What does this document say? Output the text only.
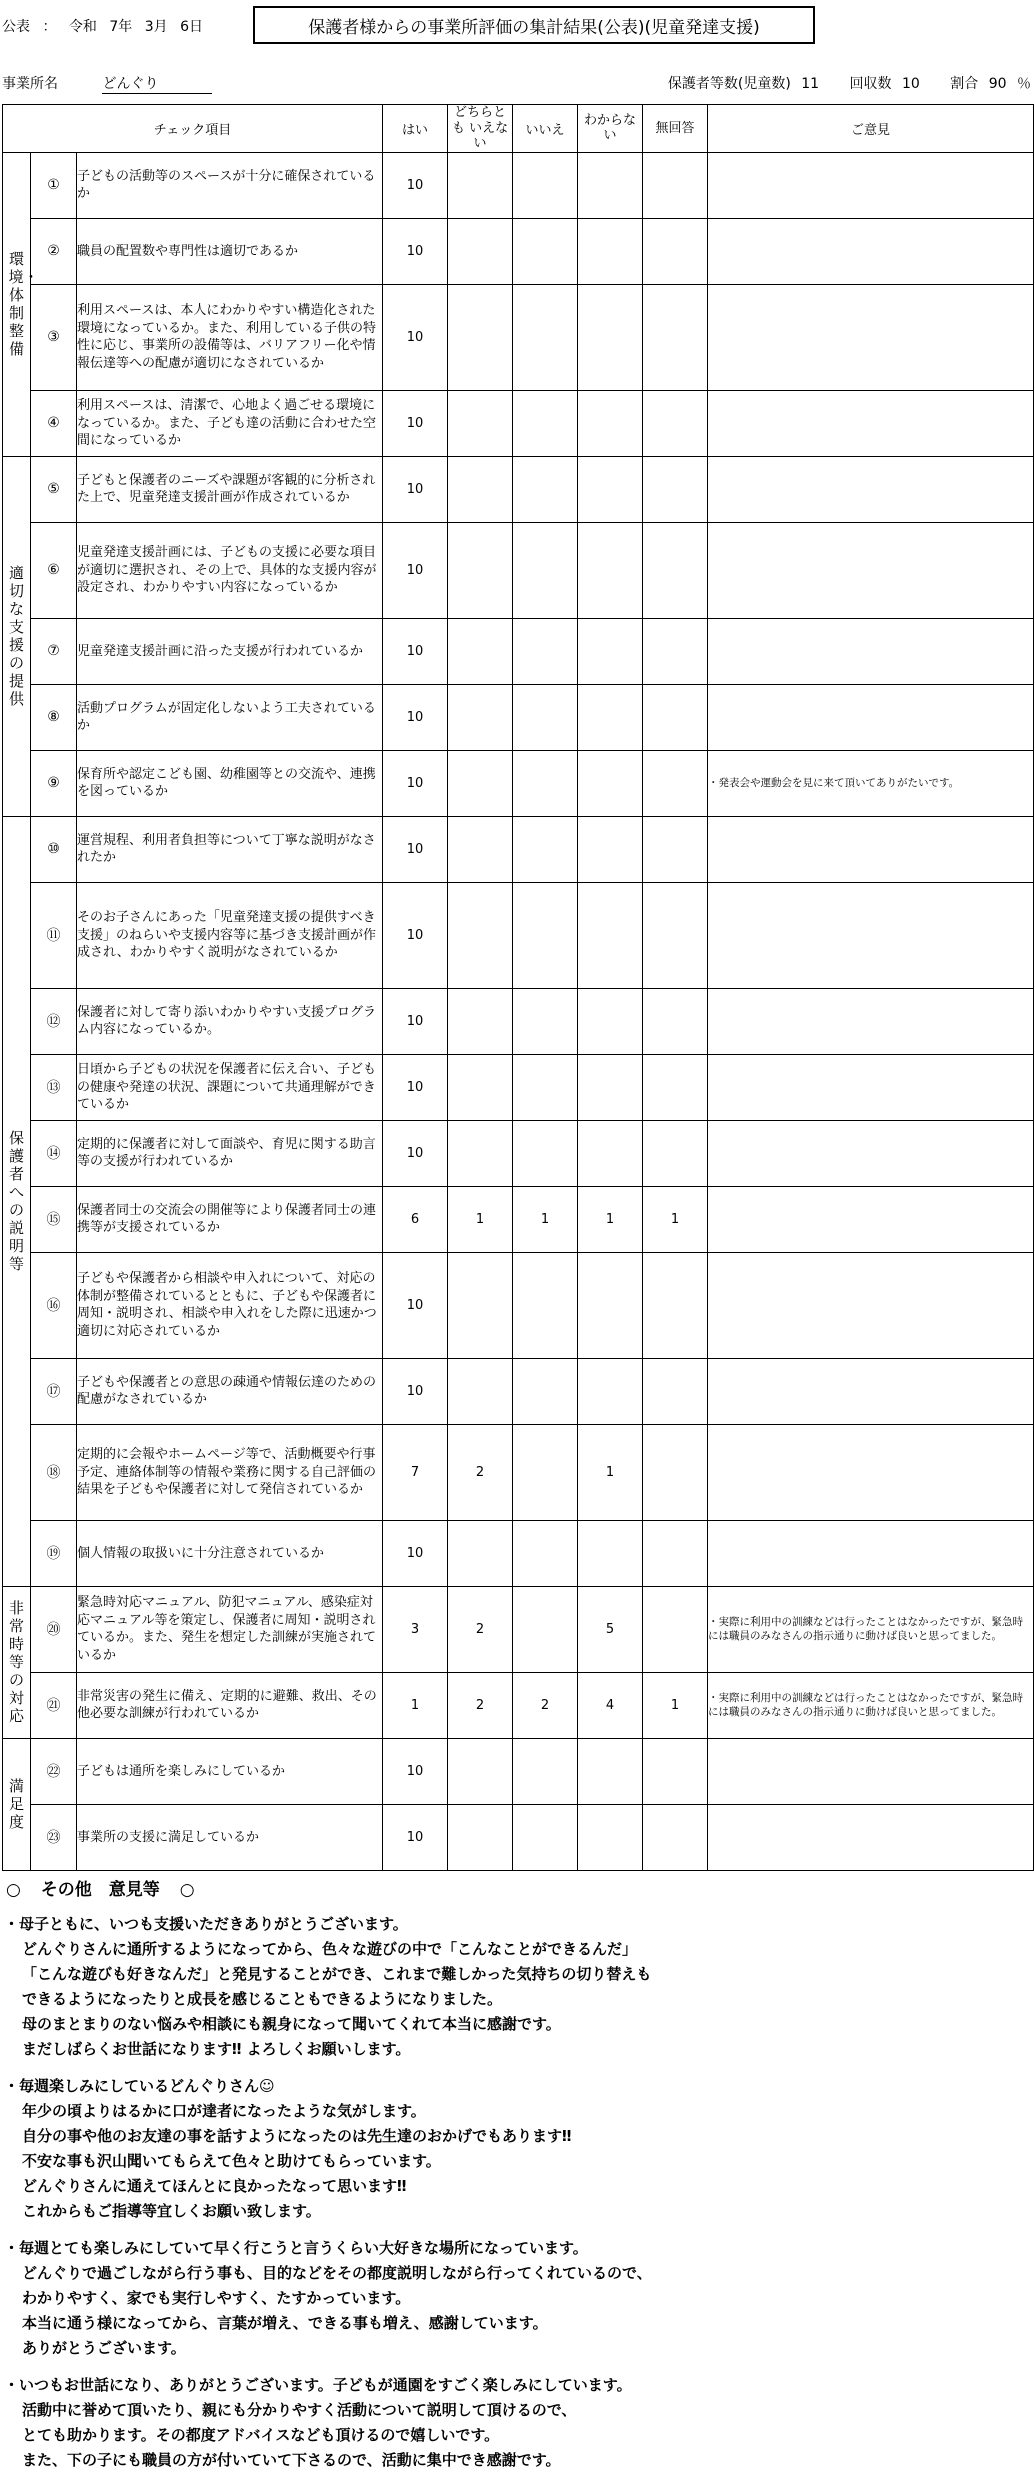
公表 ： 令和 7年 3月 6日	保護者様からの事業所評価の集計結果(公表)(児童発達支援)
事業所名	どんぐり	保護者等数(児童数) 11 回収数 10 割合 90 ％
チェック項目			はい	どちらとも いえない	いいえ	わからない	無回答	ご意見

環境・体制整備	①	子どもの活動等のスペースが十分に確保されているか	10					
	②	職員の配置数や専門性は適切であるか	10					
	③	利用スペースは、本人にわかりやすい構造化された環境になっているか。また、利用している子供の特性に応じ、事業所の設備等は、バリアフリー化や情報伝達等への配慮が適切になされているか	10					
	④	利用スペースは、清潔で、心地よく過ごせる環境になっているか。また、子ども達の活動に合わせた空間になっているか	10					

適切な支援の提供	⑤	子どもと保護者のニーズや課題が客観的に分析された上で、児童発達支援計画が作成されているか	10					
	⑥	児童発達支援計画には、子どもの支援に必要な項目が適切に選択され、その上で、具体的な支援内容が設定され、わかりやすい内容になっているか	10					
	⑦	児童発達支援計画に沿った支援が行われているか	10					
	⑧	活動プログラムが固定化しないよう工夫されているか	10					
	⑨	保育所や認定こども園、幼稚園等との交流や、連携を図っているか	10					・発表会や運動会を見に来て頂いてありがたいです。

保護者への説明等	⑩	運営規程、利用者負担等について丁寧な説明がなされたか	10					
	⑪	そのお子さんにあった「児童発達支援の提供すべき支援」のねらいや支援内容等に基づき支援計画が作成され、わかりやすく説明がなされているか	10					
	⑫	保護者に対して寄り添いわかりやすい支援プログラム内容になっているか。	10					
	⑬	日頃から子どもの状況を保護者に伝え合い、子どもの健康や発達の状況、課題について共通理解ができているか	10					
	⑭	定期的に保護者に対して面談や、育児に関する助言等の支援が行われているか	10					
	⑮	保護者同士の交流会の開催等により保護者同士の連携等が支援されているか	6	1	1	1	1	
	⑯	子どもや保護者から相談や申入れについて、対応の体制が整備されているとともに、子どもや保護者に周知・説明され、相談や申入れをした際に迅速かつ適切に対応されているか	10					
	⑰	子どもや保護者との意思の疎通や情報伝達のための配慮がなされているか	10					
	⑱	定期的に会報やホームページ等で、活動概要や行事予定、連絡体制等の情報や業務に関する自己評価の結果を子どもや保護者に対して発信されているか	7	2		1		
	⑲	個人情報の取扱いに十分注意されているか	10					

非常時等の対応	⑳	緊急時対応マニュアル、防犯マニュアル、感染症対応マニュアル等を策定し、保護者に周知・説明されているか。また、発生を想定した訓練が実施されているか	3	2		5		・実際に利用中の訓練などは行ったことはなかったですが、緊急時には職員のみなさんの指示通りに動けば良いと思ってました。
	㉑	非常災害の発生に備え、定期的に避難、救出、その他必要な訓練が行われているか	1	2	2	4	1	・実際に利用中の訓練などは行ったことはなかったですが、緊急時には職員のみなさんの指示通りに動けば良いと思ってました。

満足度	㉒	子どもは通所を楽しみにしているか	10					
	㉓	事業所の支援に満足しているか	10					
○ その他　意見等 ○
・母子ともに、いつも支援いただきありがとうございます。
どんぐりさんに通所するようになってから、色々な遊びの中で「こんなことができるんだ」
「こんな遊びも好きなんだ」と発見することができ、これまで難しかった気持ちの切り替えも
できるようになったりと成長を感じることもできるようになりました。
母のまとまりのない悩みや相談にも親身になって聞いてくれて本当に感謝です。
まだしばらくお世話になります‼ よろしくお願いします。
・毎週楽しみにしているどんぐりさん☺
年少の頃よりはるかに口が達者になったような気がします。
自分の事や他のお友達の事を話すようになったのは先生達のおかげでもあります‼
不安な事も沢山聞いてもらえて色々と助けてもらっています。
どんぐりさんに通えてほんとに良かったなって思います‼
これからもご指導等宜しくお願い致します。
・毎週とても楽しみにしていて早く行こうと言うくらい大好きな場所になっています。
どんぐりで過ごしながら行う事も、目的などをその都度説明しながら行ってくれているので、
わかりやすく、家でも実行しやすく、たすかっています。
本当に通う様になってから、言葉が増え、できる事も増え、感謝しています。
ありがとうございます。
・いつもお世話になり、ありがとうございます。子どもが通園をすごく楽しみにしています。
活動中に誉めて頂いたり、親にも分かりやすく活動について説明して頂けるので、
とても助かります。その都度アドバイスなども頂けるので嬉しいです。
また、下の子にも職員の方が付いていて下さるので、活動に集中でき感謝です。
